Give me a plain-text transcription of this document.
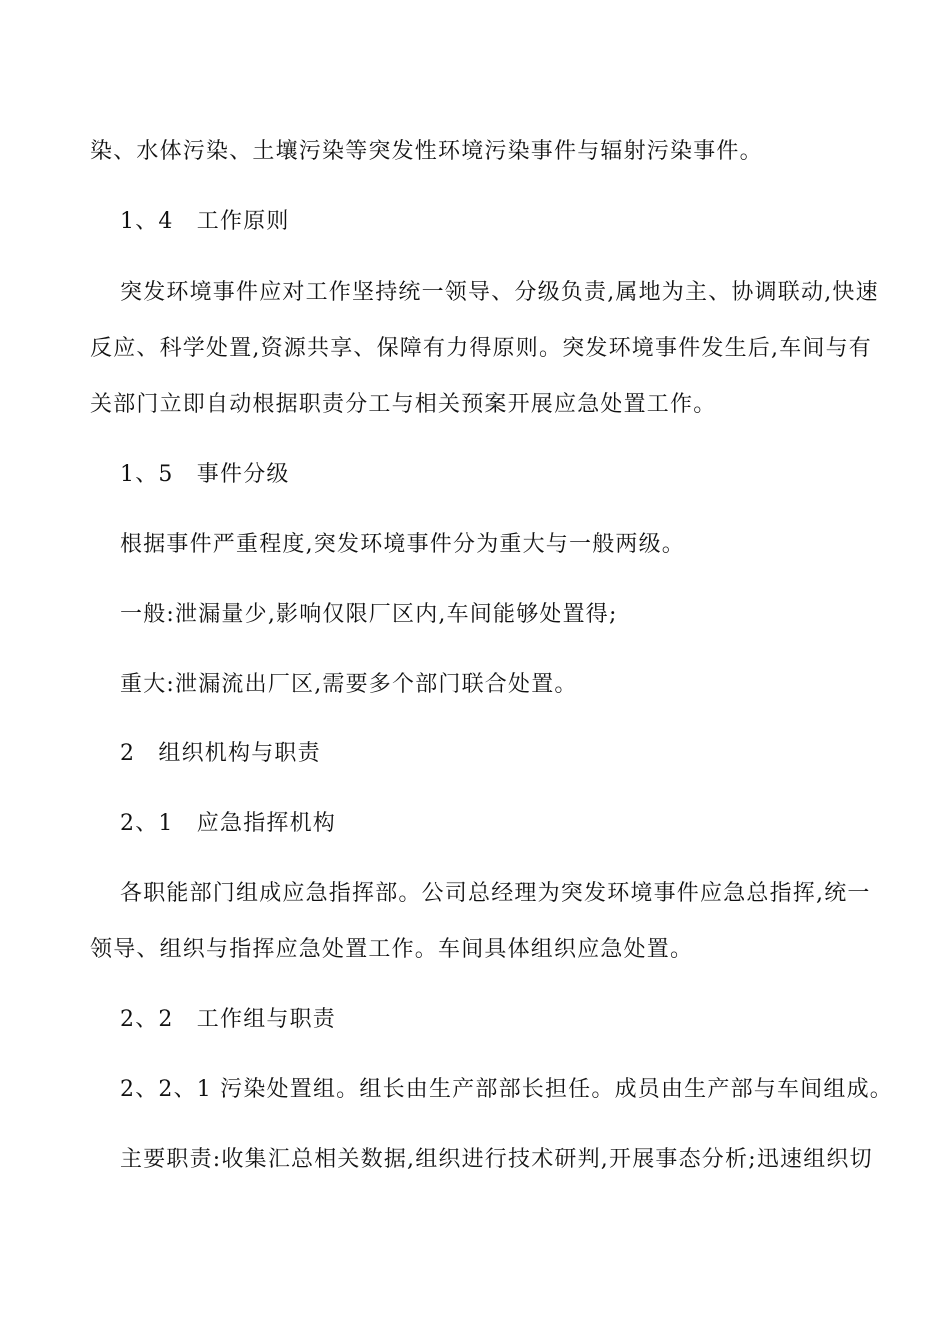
染、水体污染、土壤污染等突发性环境污染事件与辐射污染事件。
1、4　工作原则
突发环境事件应对工作坚持统一领导、分级负责,属地为主、协调联动,快速
反应、科学处置,资源共享、保障有力得原则。突发环境事件发生后,车间与有
关部门立即自动根据职责分工与相关预案开展应急处置工作。
1、5　事件分级
根据事件严重程度,突发环境事件分为重大与一般两级。
一般:泄漏量少,影响仅限厂区内,车间能够处置得;
重大:泄漏流出厂区,需要多个部门联合处置。
2　组织机构与职责
2、1　应急指挥机构
各职能部门组成应急指挥部。公司总经理为突发环境事件应急总指挥,统一
领导、组织与指挥应急处置工作。车间具体组织应急处置。
2、2　工作组与职责
2、2、1 污染处置组。组长由生产部部长担任。成员由生产部与车间组成。
主要职责:收集汇总相关数据,组织进行技术研判,开展事态分析;迅速组织切
